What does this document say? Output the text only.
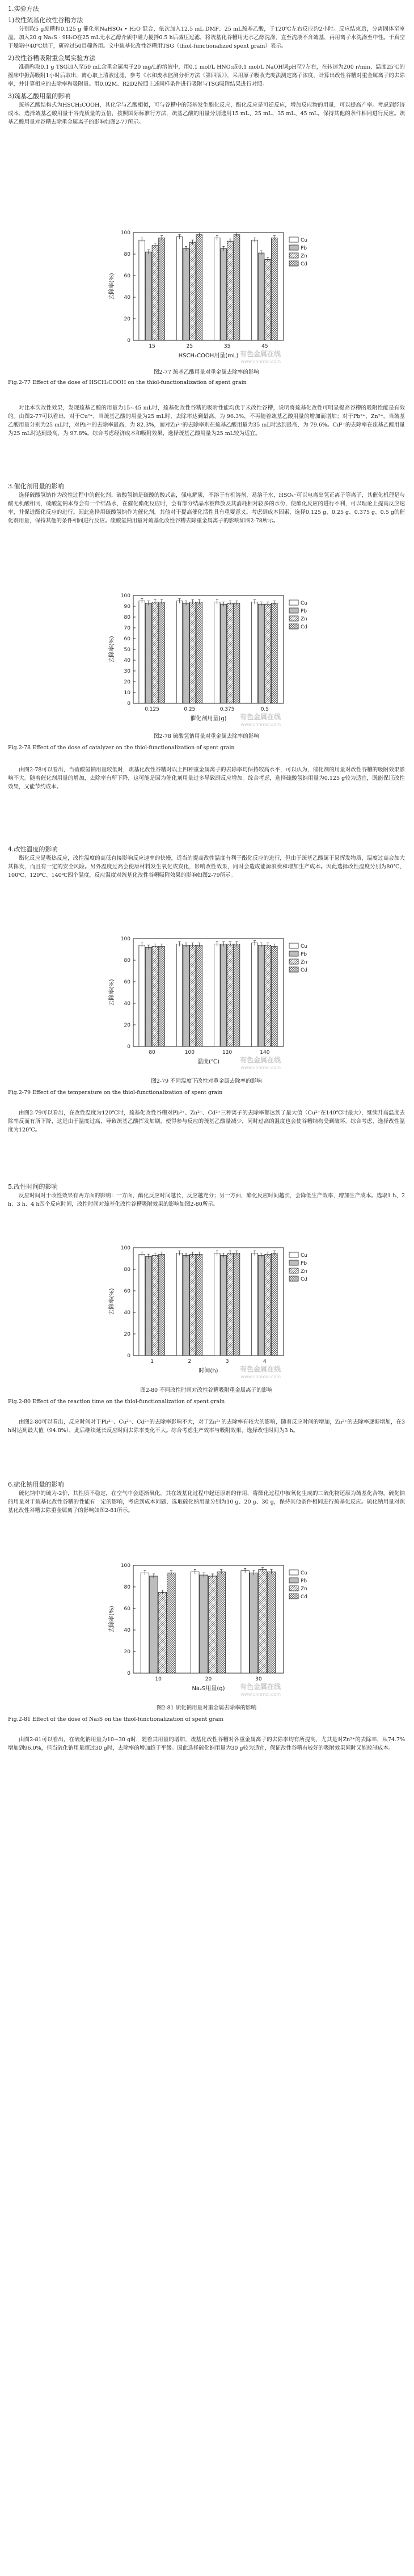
1.实验方法

1)改性巯基化改性谷糟方法

分别取5 g废糟和0.125 g 催化剂NaHSO₄ • H₂O 混合，依次加入12.5 mL DMF、25 mL巯基乙酸，于120℃左右反应约2小时。反应结束后，分离固体至室温。加入20 g Na₂S · 9H₂O在25 mL无水乙醇介质中磁力搅拌0.5 h后减压过滤，将巯基化谷糟用无水乙醇洗涤，直至洗液不含巯基，再用离子水洗涤至中性。于真空干燥箱中40℃烘干，研碎过50目筛备用。文中巯基化改性谷糟用TSG（thiol-functionalized spent grain）表示。

2)改性谷糟吸附重金属实验方法

准确称取0.1 g TSG加入至50 mL含重金属离子20 mg/L的溶液中，用0.1 mol/L HNO₃或0.1 mol/L NaOH调pH至7左右，在转速为200 r/min、温度25℃的摇床中振荡吸附1小时后取出，离心取上清液过滤，参考《水和废水监测分析方法（第四版）》，采用原子吸收光度法测定离子浓度，计算出改性谷糟对重金属离子的去除率，并计算相应的去除率和吸附量。用0.02M、R2D2按照上述同样条件进行吸附与TSG吸附结果进行对照。

3)巯基乙酸用量的影响

巯基乙酸结构式为HSCH₂COOH，其化学与乙酸相似，可与谷糟中的羟基发生酯化反应，酯化反应是可逆反应，增加反应物的用量，可以提高产率。考虑到经济成本，选择巯基乙酸用量于谷壳质量的五倍，按照国际标准行方法，巯基乙酸的用量分别选用15 mL、25 mL、35 mL、45 mL，保持其他的条件相同进行反应。巯基乙酸用量对谷糟去除重金属离子的影响如图2-77所示。

0
20
40
60
80
100
去除率(%)
15	25	35	45
HSCH₂COOH用量(mL)
Cu
Pb
Zn
Cd
有色金属在线
www.cnnmol.com
图2-77 巯基乙酸用量对重金属去除率的影响
Fig.2-77 Effect of the dose of HSCH₂COOH on the thiol-functionalization of spent grain

对比本次改性效果，发现巯基乙酸的用量为15~45 mL时，巯基化改性谷糟的吸附性能均优于未改性谷糟，说明将巯基化改性可明显提高谷糟的吸附性能是有效的。由图2-77可以看出，对于Cu²⁺，当巯基乙酸的用量为25 mL时，去除率达到最高，为 96.3%，不再随着巯基乙酸用量的增加而增加；对于Pb²⁺、Zn²⁺，当巯基乙酸用量分别为25 mL时，对Pb²⁺的去除率最高，为 82.3%，而对Zn²⁺的去除率则在巯基乙酸用量为35 mL时达到最高，为 79.6%。Cd²⁺的去除率在巯基乙酸用量为25 mL时达到最高，为 97.8%。综合考虑经济成本和吸附效果，选择巯基乙酸用量为25 mL较为适宜。

3.催化剂用量的影响

选择硫酸氢钠作为改性过程中的催化剂。硫酸氢钠是硫酸的酸式盐，强电解质，不溶于有机溶剂，易溶于水，HSO₄⁻可以电离出氢正离子等离子，其催化机理是与酸无机酸相同，硫酸氢钠本身会有一个结晶水，在催化酯化反应时，会有部分结晶水被释放及其消耗相对较多的水份，使酯化反应的进行不利，可以理论上提高反应速率，并促进酯化反应的进行。因此选择用硫酸氢钠作为催化剂，其他对于提高催化活性具有重要意义。考虑到成本因素，选择0.125 g、0.25 g、0.375 g、0.5 g的催化剂用量，保持其他的条件相同进行反应。硫酸氢钠用量对巯基化改性谷糟去除重金属离子的影响如图2-78所示。

0
10
20
30
40
50
60
70
80
90
100
去除率(%)
0.125	0.25	0.375	0.5
催化剂用量(g)
Cu
Pb
Zn
Cd
有色金属在线
www.cnnmol.com
图2-78 硫酸氢钠用量对重金属去除率的影响
Fig.2-78 Effect of the dose of catalyzer on the thiol-functionalization of spent grain

由图2-78可以看出，当硫酸氢钠用量较低时，巯基化改性谷糟对以上四种重金属离子的去除率均保持较高水平，可以认为，催化剂的用量对改性谷糟的吸附效果影响不大。随着催化剂用量的增加，去除率有所下降，这可能是因为催化剂用量过多导致副反应增加。综合考虑，选择硫酸氢钠用量为0.125 g较为适宜，既能保证改性效果，又能节约成本。

4.改性温度的影响

酯化反应是吸热反应，改性温度的高低直接影响反应速率的快慢，适当的提高改性温度有利于酯化反应的进行，但由于巯基乙酸属于易挥发物质，温度过高会加大其挥发，而且有一定的安全风险。另外温度过高会使原材料发生氧化或炭化，影响改性效果，同时会造成能源浪费和增加生产成本。因此选择改性温度分别为80℃、100℃、120℃、140℃四个温度，反应温度对巯基化改性谷糟吸附效果的影响如图2-79所示。

0
20
40
60
80
100
去除率(%)
80	100	120	140
温度(℃)
Cu
Pb
Zn
Cd
有色金属在线
www.cnnmol.com
图2-79 不同温度下改性对重金属去除率的影响
Fig.2-79 Effect of the temperature on the thiol-functionalization of spent grain

由图2-79可以看出，在改性温度为120℃时，巯基化改性谷糟对Pb²⁺、Zn²⁺、Cd²⁺三种离子的去除率都达到了最大值（Cu²⁺在140℃时最大），继续升高温度去除率反而有所下降，这是由于温度过高，导致巯基乙酸挥发加剧，使得参与反应的巯基乙酸量减少，同时过高的温度也会使谷糟结构受到破坏。综合考虑，选择改性温度为120℃。

5.改性时间的影响

反应时间对于改性效果有两方面的影响：一方面，酯化反应时间越长，反应越充分；另一方面，酯化反应时间越长，会降低生产效率，增加生产成本。选取1 h、2 h、3 h、4 h四个反应时间，改性时间对巯基化改性谷糟吸附效果的影响如图2-80所示。

0
20
40
60
80
100
去除率(%)
1	2	3	4
时间(h)
Cu
Pb
Zn
Cd
有色金属在线
www.cnnmol.com
图2-80 不同改性时间对改性谷糟吸附重金属离子的影响
Fig.2-80 Effect of the reaction time on the thiol-functionalization of spent grain

由图2-80可以看出，反应时间对于Pb²⁺、Cu²⁺、Cd²⁺的去除率影响不大，对于Zn²⁺的去除率有较大的影响，随着反应时间的增加，Zn²⁺的去除率逐渐增加，在3 h时达到最大值（94.8%），此后继续延长反应时间去除率变化不大。综合考虑生产效率与吸附效果，选择改性时间为3 h。

6.硫化钠用量的影响

硫化钠中的硫为-2价，其性质不稳定，在空气中会逐渐氧化，其在巯基化过程中起还原剂的作用，将酯化过程中被氧化生成的二硫化物还原为巯基化合物。硫化钠的用量对于巯基化改性谷糟的性能有一定的影响，考虑到成本问题，选取硫化钠用量分别为10 g、20 g、30 g，保持其他条件相同进行巯基化反应。硫化钠用量对巯基化改性谷糟去除重金属离子的影响如图2-81所示。

0
20
40
60
80
100
去除率(%)
10	20	30
Na₂S用量(g)
Cu
Pb
Zn
Cd
有色金属在线
www.cnnmol.com
图2-81 硫化钠用量对重金属去除率的影响
Fig.2-81 Effect of the dose of Na₂S on the thiol-functionalization of spent grain

由图2-81可以看出，在硫化钠用量为10~30 g时，随着其用量的增加，巯基化改性谷糟对各重金属离子的去除率均有所提高，尤其是对Zn²⁺的去除率，从74.7%增加到96.0%，但当硫化钠用量超过30 g时，去除率的增加趋于平缓。因此选择硫化钠用量为30 g较为适宜，保证改性谷糟有较好的吸附效果同时又能控制成本。
